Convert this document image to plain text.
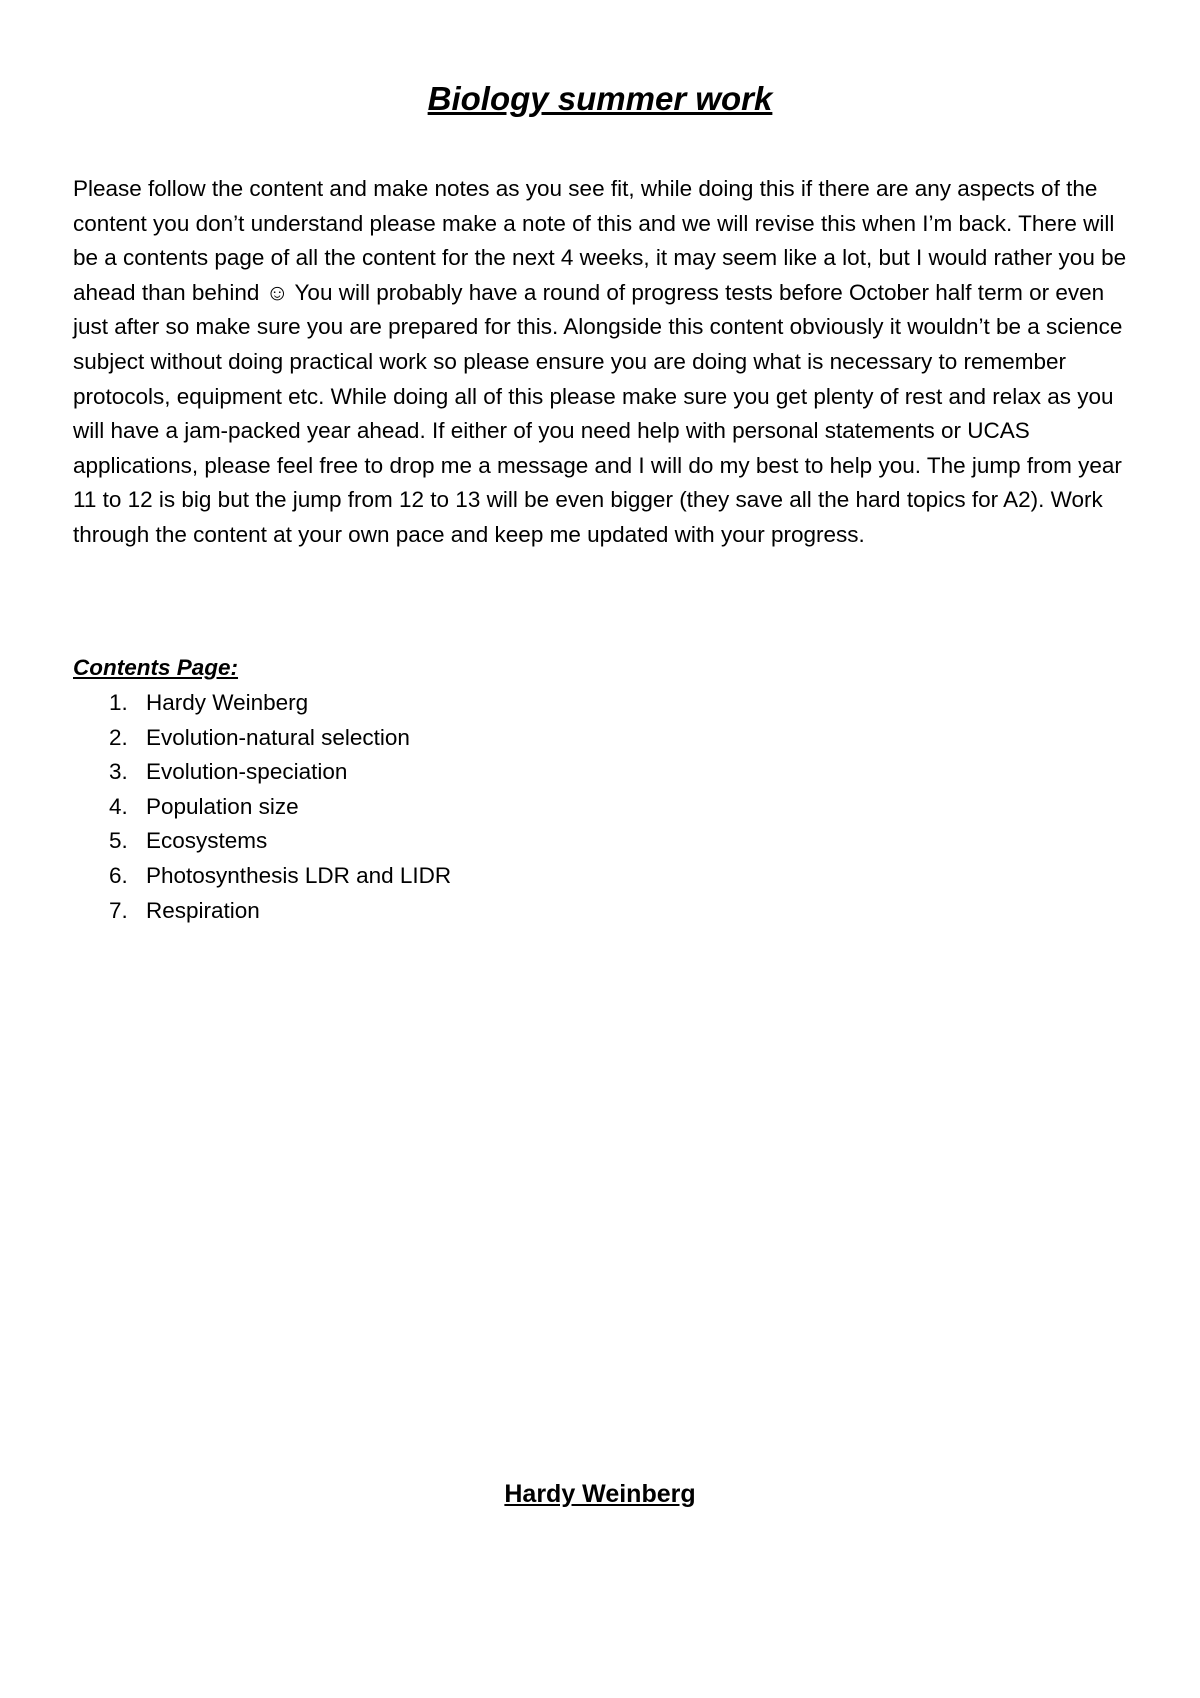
Biology summer work

Please follow the content and make notes as you see fit, while doing this if there are any aspects of the content you don’t understand please make a note of this and we will revise this when I’m back. There will be a contents page of all the content for the next 4 weeks, it may seem like a lot, but I would rather you be ahead than behind ☺ You will probably have a round of progress tests before October half term or even just after so make sure you are prepared for this. Alongside this content obviously it wouldn’t be a science subject without doing practical work so please ensure you are doing what is necessary to remember protocols, equipment etc. While doing all of this please make sure you get plenty of rest and relax as you will have a jam-packed year ahead. If either of you need help with personal statements or UCAS applications, please feel free to drop me a message and I will do my best to help you. The jump from year 11 to 12 is big but the jump from 12 to 13 will be even bigger (they save all the hard topics for A2). Work through the content at your own pace and keep me updated with your progress.

Contents Page:
1. Hardy Weinberg
2. Evolution-natural selection
3. Evolution-speciation
4. Population size
5. Ecosystems
6. Photosynthesis LDR and LIDR
7. Respiration
Hardy Weinberg
